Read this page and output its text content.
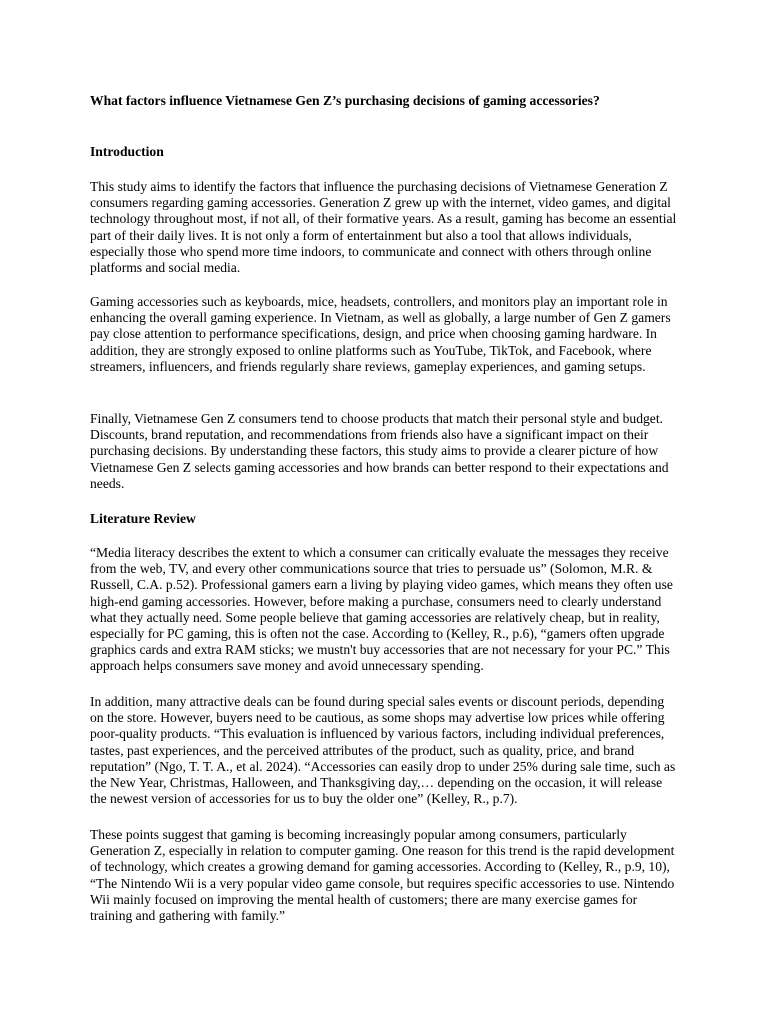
What factors influence Vietnamese Gen Z’s purchasing decisions of gaming accessories?

Introduction

This study aims to identify the factors that influence the purchasing decisions of Vietnamese Generation Z consumers regarding gaming accessories. Generation Z grew up with the internet, video games, and digital technology throughout most, if not all, of their formative years. As a result, gaming has become an essential part of their daily lives. It is not only a form of entertainment but also a tool that allows individuals, especially those who spend more time indoors, to communicate and connect with others through online platforms and social media.

Gaming accessories such as keyboards, mice, headsets, controllers, and monitors play an important role in enhancing the overall gaming experience. In Vietnam, as well as globally, a large number of Gen Z gamers pay close attention to performance specifications, design, and price when choosing gaming hardware. In addition, they are strongly exposed to online platforms such as YouTube, TikTok, and Facebook, where streamers, influencers, and friends regularly share reviews, gameplay experiences, and gaming setups.

Finally, Vietnamese Gen Z consumers tend to choose products that match their personal style and budget. Discounts, brand reputation, and recommendations from friends also have a significant impact on their purchasing decisions. By understanding these factors, this study aims to provide a clearer picture of how Vietnamese Gen Z selects gaming accessories and how brands can better respond to their expectations and needs.

Literature Review

“Media literacy describes the extent to which a consumer can critically evaluate the messages they receive from the web, TV, and every other communications source that tries to persuade us” (Solomon, M.R. & Russell, C.A. p.52). Professional gamers earn a living by playing video games, which means they often use high-end gaming accessories. However, before making a purchase, consumers need to clearly understand what they actually need. Some people believe that gaming accessories are relatively cheap, but in reality, especially for PC gaming, this is often not the case. According to (Kelley, R., p.6), “gamers often upgrade graphics cards and extra RAM sticks; we mustn't buy accessories that are not necessary for your PC.” This approach helps consumers save money and avoid unnecessary spending.

In addition, many attractive deals can be found during special sales events or discount periods, depending on the store. However, buyers need to be cautious, as some shops may advertise low prices while offering poor-quality products. “This evaluation is influenced by various factors, including individual preferences, tastes, past experiences, and the perceived attributes of the product, such as quality, price, and brand reputation” (Ngo, T. T. A., et al. 2024). “Accessories can easily drop to under 25% during sale time, such as the New Year, Christmas, Halloween, and Thanksgiving day,… depending on the occasion, it will release the newest version of accessories for us to buy the older one” (Kelley, R., p.7).

These points suggest that gaming is becoming increasingly popular among consumers, particularly Generation Z, especially in relation to computer gaming. One reason for this trend is the rapid development of technology, which creates a growing demand for gaming accessories. According to (Kelley, R., p.9, 10), “The Nintendo Wii is a very popular video game console, but requires specific accessories to use. Nintendo Wii mainly focused on improving the mental health of customers; there are many exercise games for training and gathering with family.”
